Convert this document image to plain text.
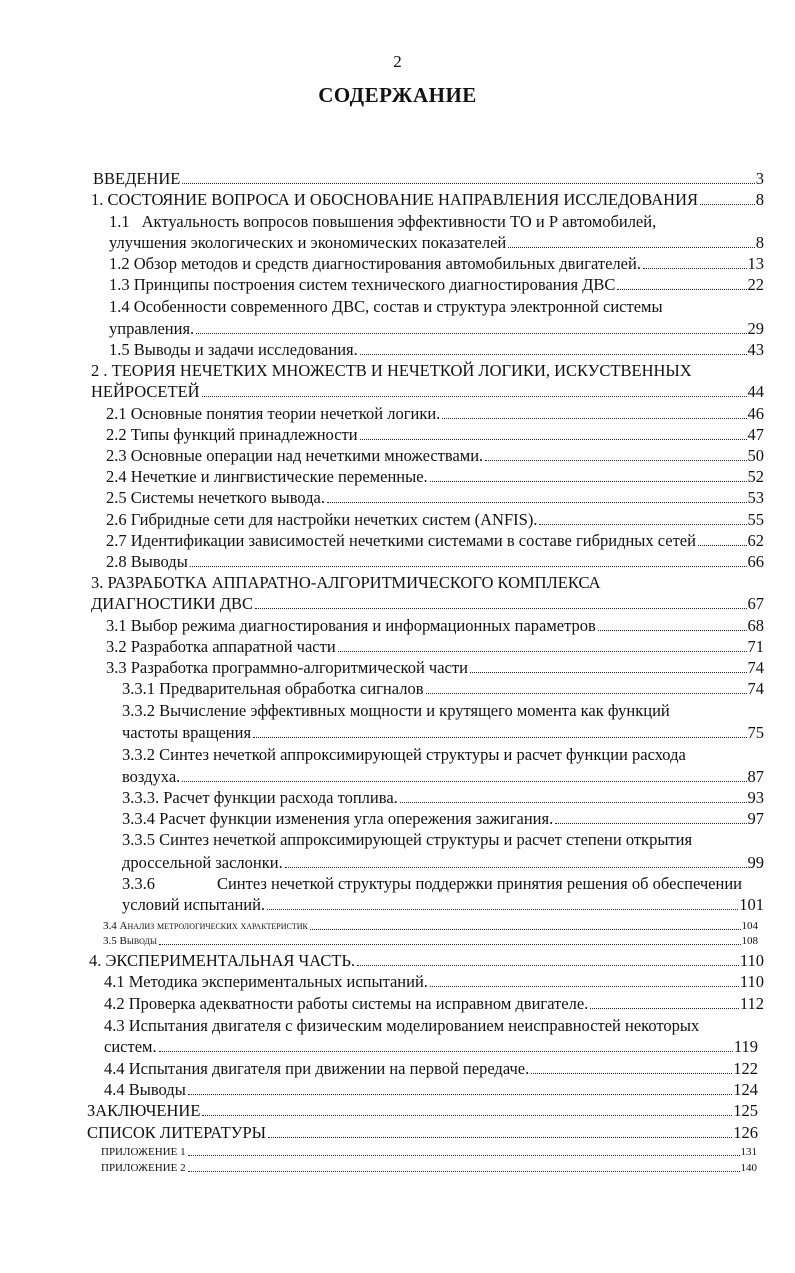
2
СОДЕРЖАНИЕ
ВВЕДЕНИЕ	3
1. СОСТОЯНИЕ ВОПРОСА И ОБОСНОВАНИЕ НАПРАВЛЕНИЯ ИССЛЕДОВАНИЯ	8
1.1 Актуальность вопросов повышения эффективности ТО и Р автомобилей,
улучшения экологических и экономических показателей	8
1.2 Обзор методов и средств диагностирования автомобильных двигателей.	13
1.3 Принципы построения систем технического диагностирования ДВС	22
1.4 Особенности современного ДВС, состав и структура электронной системы
управления.	29
1.5 Выводы и задачи исследования.	43
2 . ТЕОРИЯ НЕЧЕТКИХ МНОЖЕСТВ И НЕЧЕТКОЙ ЛОГИКИ, ИСКУСТВЕННЫХ
НЕЙРОСЕТЕЙ	44
2.1 Основные понятия теории нечеткой логики.	46
2.2 Типы функций принадлежности	47
2.3 Основные операции над нечеткими множествами.	50
2.4 Нечеткие и лингвистические переменные.	52
2.5 Системы нечеткого вывода.	53
2.6 Гибридные сети для настройки нечетких систем (ANFIS).	55
2.7 Идентификации зависимостей нечеткими системами в составе гибридных сетей	62
2.8 Выводы	66
3. РАЗРАБОТКА АППАРАТНО-АЛГОРИТМИЧЕСКОГО КОМПЛЕКСА
ДИАГНОСТИКИ ДВС	67
3.1 Выбор режима диагностирования и информационных параметров	68
3.2 Разработка аппаратной части	71
3.3 Разработка программно-алгоритмической части	74
3.3.1 Предварительная обработка сигналов	74
3.3.2 Вычисление эффективных мощности и крутящего момента как функций
частоты вращения	75
3.3.2 Синтез нечеткой аппроксимирующей структуры и расчет функции расхода
воздуха.	87
3.3.3. Расчет функции расхода топлива.	93
3.3.4 Расчет функции изменения угла опережения зажигания.	97
3.3.5 Синтез нечеткой аппроксимирующей структуры и расчет степени открытия
дроссельной заслонки.	99
3.3.6	Синтез нечеткой структуры поддержки принятия решения об обеспечении
условий испытаний.	101
3.4 Анализ метрологических характеристик	104
3.5 Выводы	108
4. ЭКСПЕРИМЕНТАЛЬНАЯ ЧАСТЬ.	110
4.1 Методика экспериментальных испытаний.	110
4.2 Проверка адекватности работы системы на исправном двигателе.	112
4.3 Испытания двигателя с физическим моделированием неисправностей некоторых
систем.	119
4.4 Испытания двигателя при движении на первой передаче.	122
4.4 Выводы	124
ЗАКЛЮЧЕНИЕ	125
СПИСОК ЛИТЕРАТУРЫ	126
ПРИЛОЖЕНИЕ 1	131
ПРИЛОЖЕНИЕ 2	140
